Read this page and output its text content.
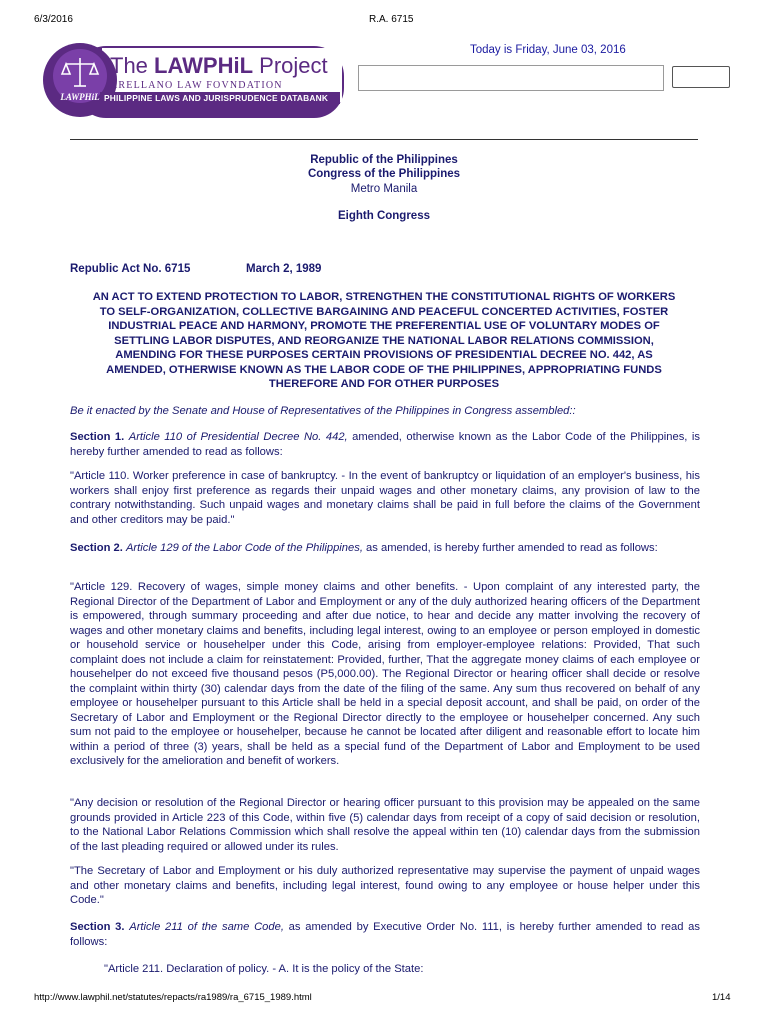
6/3/2016	R.A. 6715
LAWPHiL
The LAWPHiL Project
ARELLANO LAW FOVNDATION
PHILIPPINE LAWS AND JURISPRUDENCE DATABANK
Today is Friday, June 03, 2016
Republic of the Philippines
Congress of the Philippines
Metro Manila
Eighth Congress
Republic Act No. 6715	March 2, 1989
AN ACT TO EXTEND PROTECTION TO LABOR, STRENGTHEN THE CONSTITUTIONAL RIGHTS OF WORKERS TO SELF-ORGANIZATION, COLLECTIVE BARGAINING AND PEACEFUL CONCERTED ACTIVITIES, FOSTER INDUSTRIAL PEACE AND HARMONY, PROMOTE THE PREFERENTIAL USE OF VOLUNTARY MODES OF SETTLING LABOR DISPUTES, AND REORGANIZE THE NATIONAL LABOR RELATIONS COMMISSION, AMENDING FOR THESE PURPOSES CERTAIN PROVISIONS OF PRESIDENTIAL DECREE NO. 442, AS AMENDED, OTHERWISE KNOWN AS THE LABOR CODE OF THE PHILIPPINES, APPROPRIATING FUNDS THEREFORE AND FOR OTHER PURPOSES
Be it enacted by the Senate and House of Representatives of the Philippines in Congress assembled::
Section 1. Article 110 of Presidential Decree No. 442, amended, otherwise known as the Labor Code of the Philippines, is hereby further amended to read as follows:
"Article 110. Worker preference in case of bankruptcy. - In the event of bankruptcy or liquidation of an employer's business, his workers shall enjoy first preference as regards their unpaid wages and other monetary claims, any provision of law to the contrary notwithstanding. Such unpaid wages and monetary claims shall be paid in full before the claims of the Government and other creditors may be paid."
Section 2. Article 129 of the Labor Code of the Philippines, as amended, is hereby further amended to read as follows:
"Article 129. Recovery of wages, simple money claims and other benefits. - Upon complaint of any interested party, the Regional Director of the Department of Labor and Employment or any of the duly authorized hearing officers of the Department is empowered, through summary proceeding and after due notice, to hear and decide any matter involving the recovery of wages and other monetary claims and benefits, including legal interest, owing to an employee or person employed in domestic or household service or househelper under this Code, arising from employer-employee relations: Provided, That such complaint does not include a claim for reinstatement: Provided, further, That the aggregate money claims of each employee or househelper do not exceed five thousand pesos (P5,000.00). The Regional Director or hearing officer shall decide or resolve the complaint within thirty (30) calendar days from the date of the filing of the same. Any sum thus recovered on behalf of any employee or househelper pursuant to this Article shall be held in a special deposit account, and shall be paid, on order of the Secretary of Labor and Employment or the Regional Director directly to the employee or househelper concerned. Any such sum not paid to the employee or househelper, because he cannot be located after diligent and reasonable effort to locate him within a period of three (3) years, shall be held as a special fund of the Department of Labor and Employment to be used exclusively for the amelioration and benefit of workers.
"Any decision or resolution of the Regional Director or hearing officer pursuant to this provision may be appealed on the same grounds provided in Article 223 of this Code, within five (5) calendar days from receipt of a copy of said decision or resolution, to the National Labor Relations Commission which shall resolve the appeal within ten (10) calendar days from the submission of the last pleading required or allowed under its rules.
"The Secretary of Labor and Employment or his duly authorized representative may supervise the payment of unpaid wages and other monetary claims and benefits, including legal interest, found owing to any employee or house helper under this Code."
Section 3. Article 211 of the same Code, as amended by Executive Order No. 111, is hereby further amended to read as follows:
"Article 211. Declaration of policy. - A. It is the policy of the State:
http://www.lawphil.net/statutes/repacts/ra1989/ra_6715_1989.html	1/14
